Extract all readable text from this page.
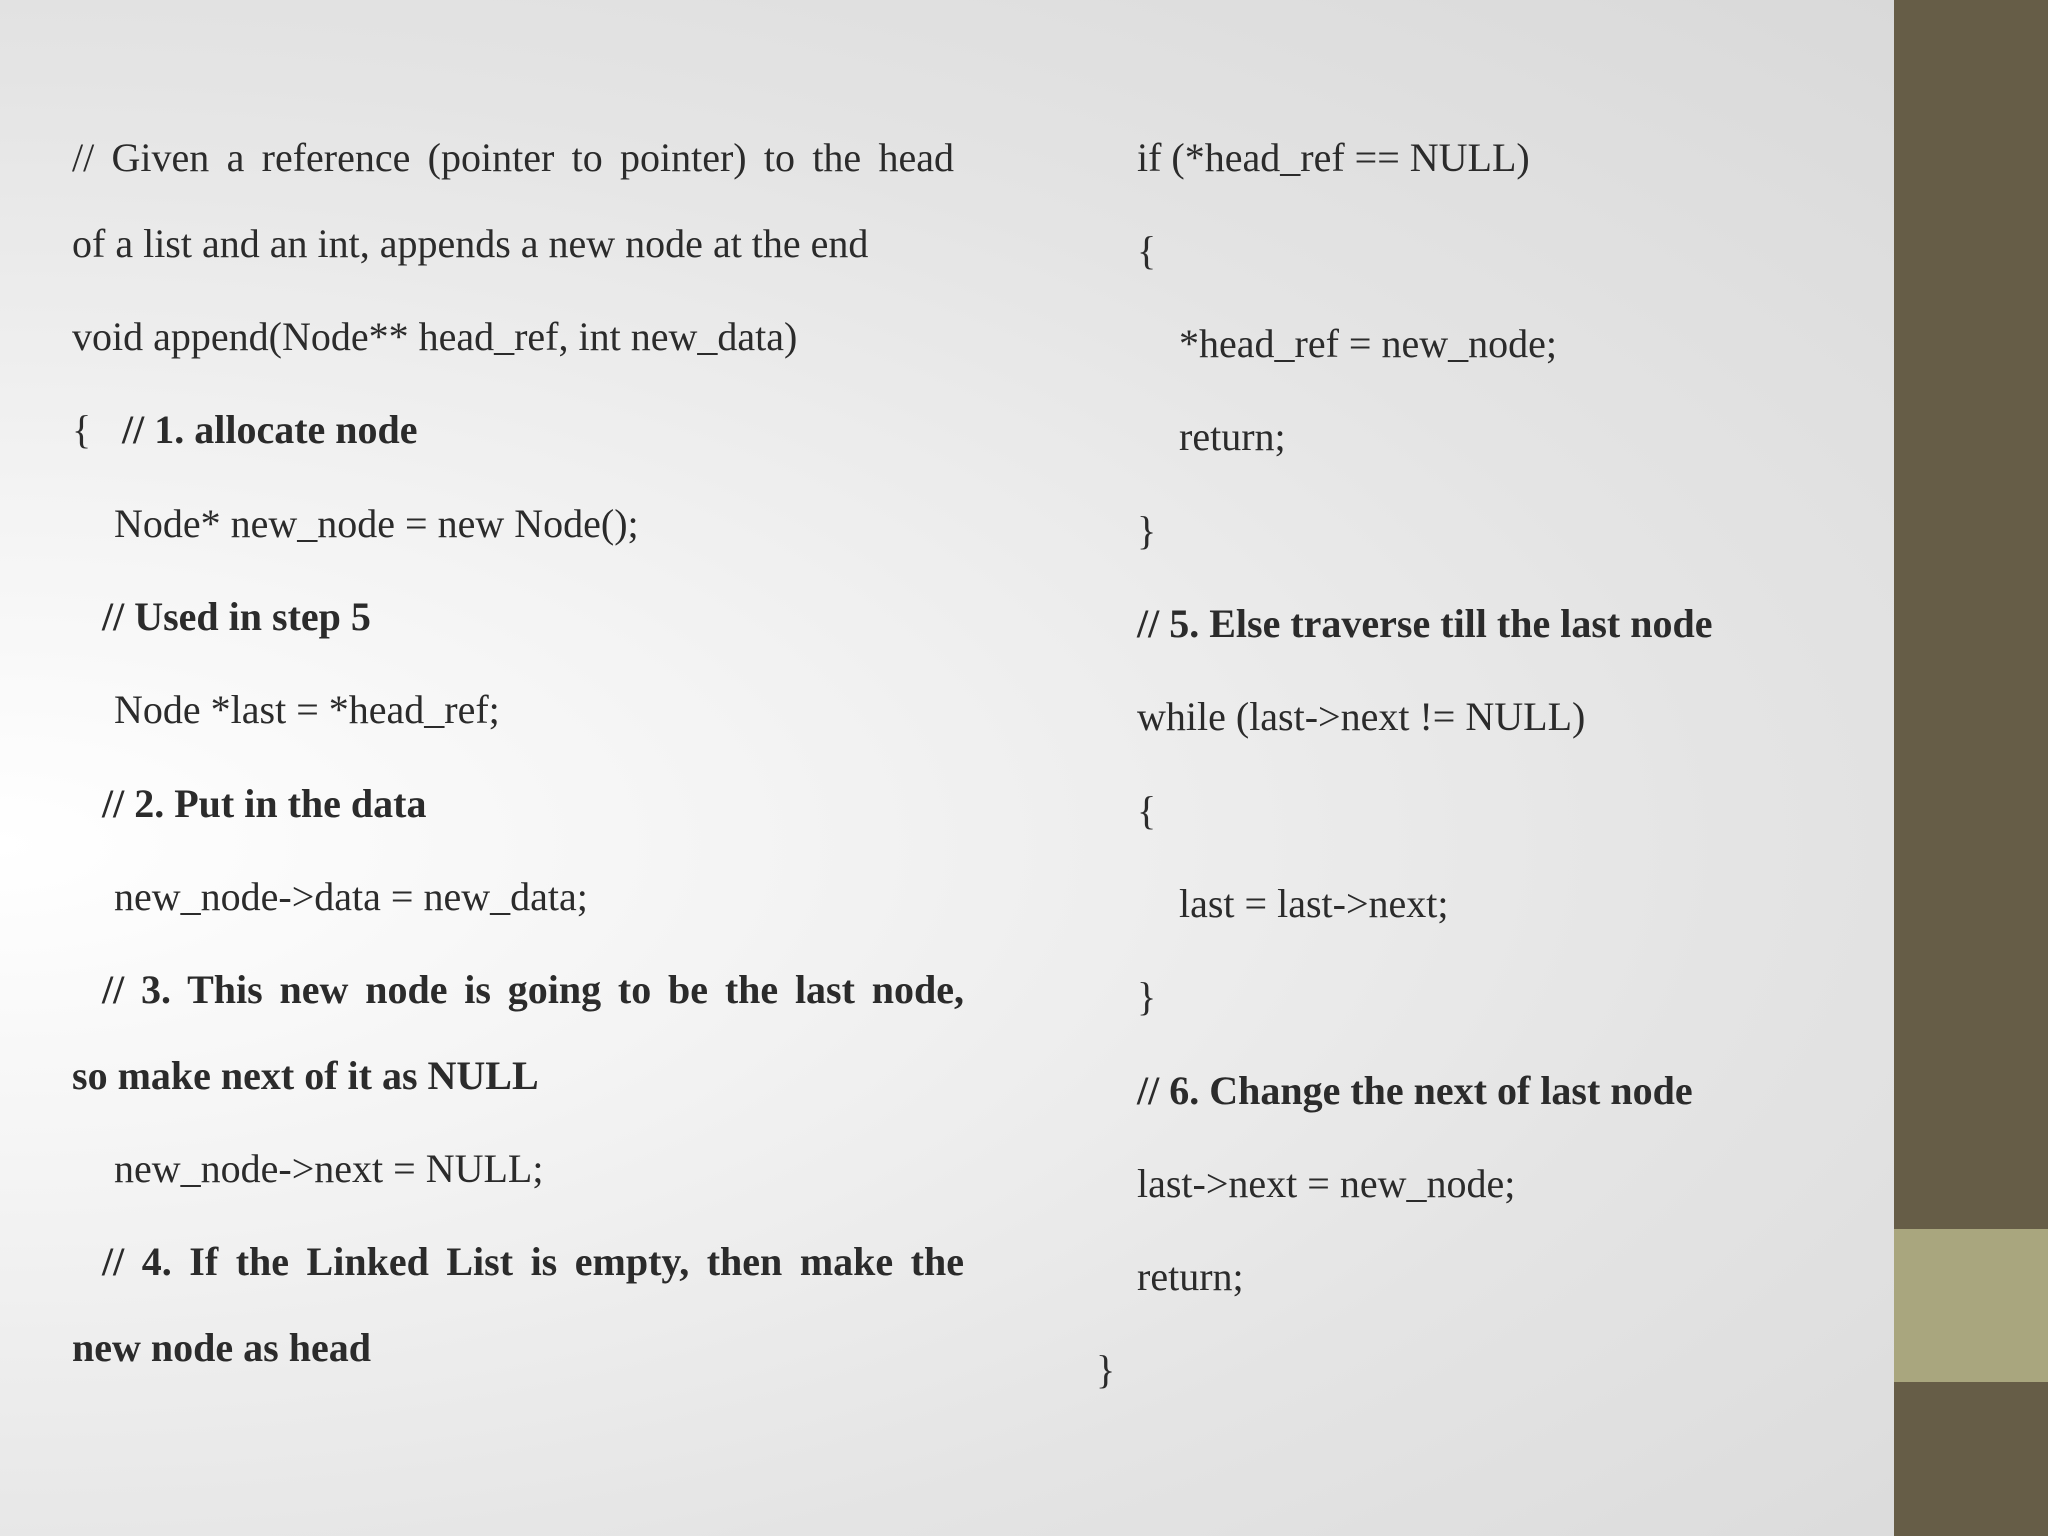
// Given a reference (pointer to pointer) to the head
of a list and an int, appends a new node at the end
void append(Node** head_ref, int new_data)
{ // 1. allocate node
Node* new_node = new Node();
// Used in step 5
Node *last = *head_ref;
// 2. Put in the data
new_node->data = new_data;
// 3. This new node is going to be the last node,
so make next of it as NULL
new_node->next = NULL;
// 4. If the Linked List is empty, then make the
new node as head
if (*head_ref == NULL)
{
*head_ref = new_node;
return;
}
// 5. Else traverse till the last node
while (last->next != NULL)
{
last = last->next;
}
// 6. Change the next of last node
last->next = new_node;
return;
}
